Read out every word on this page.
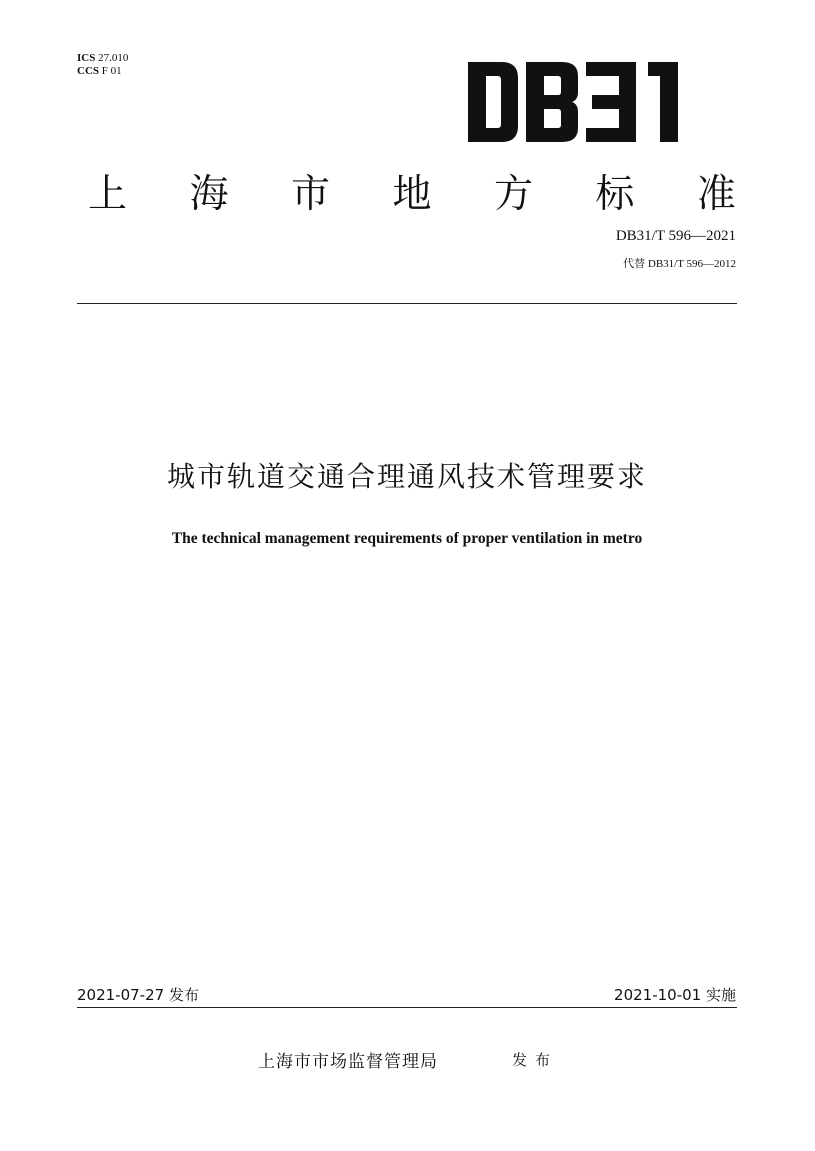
ICS 27.010
CCS F 01
上 海 市 地 方 标 准
DB31/T 596—2021
代替 DB31/T 596—2012
城市轨道交通合理通风技术管理要求
The technical management requirements of proper ventilation in metro
2021-07-27 发布	2021-10-01 实施
上海市市场监督管理局	发布
